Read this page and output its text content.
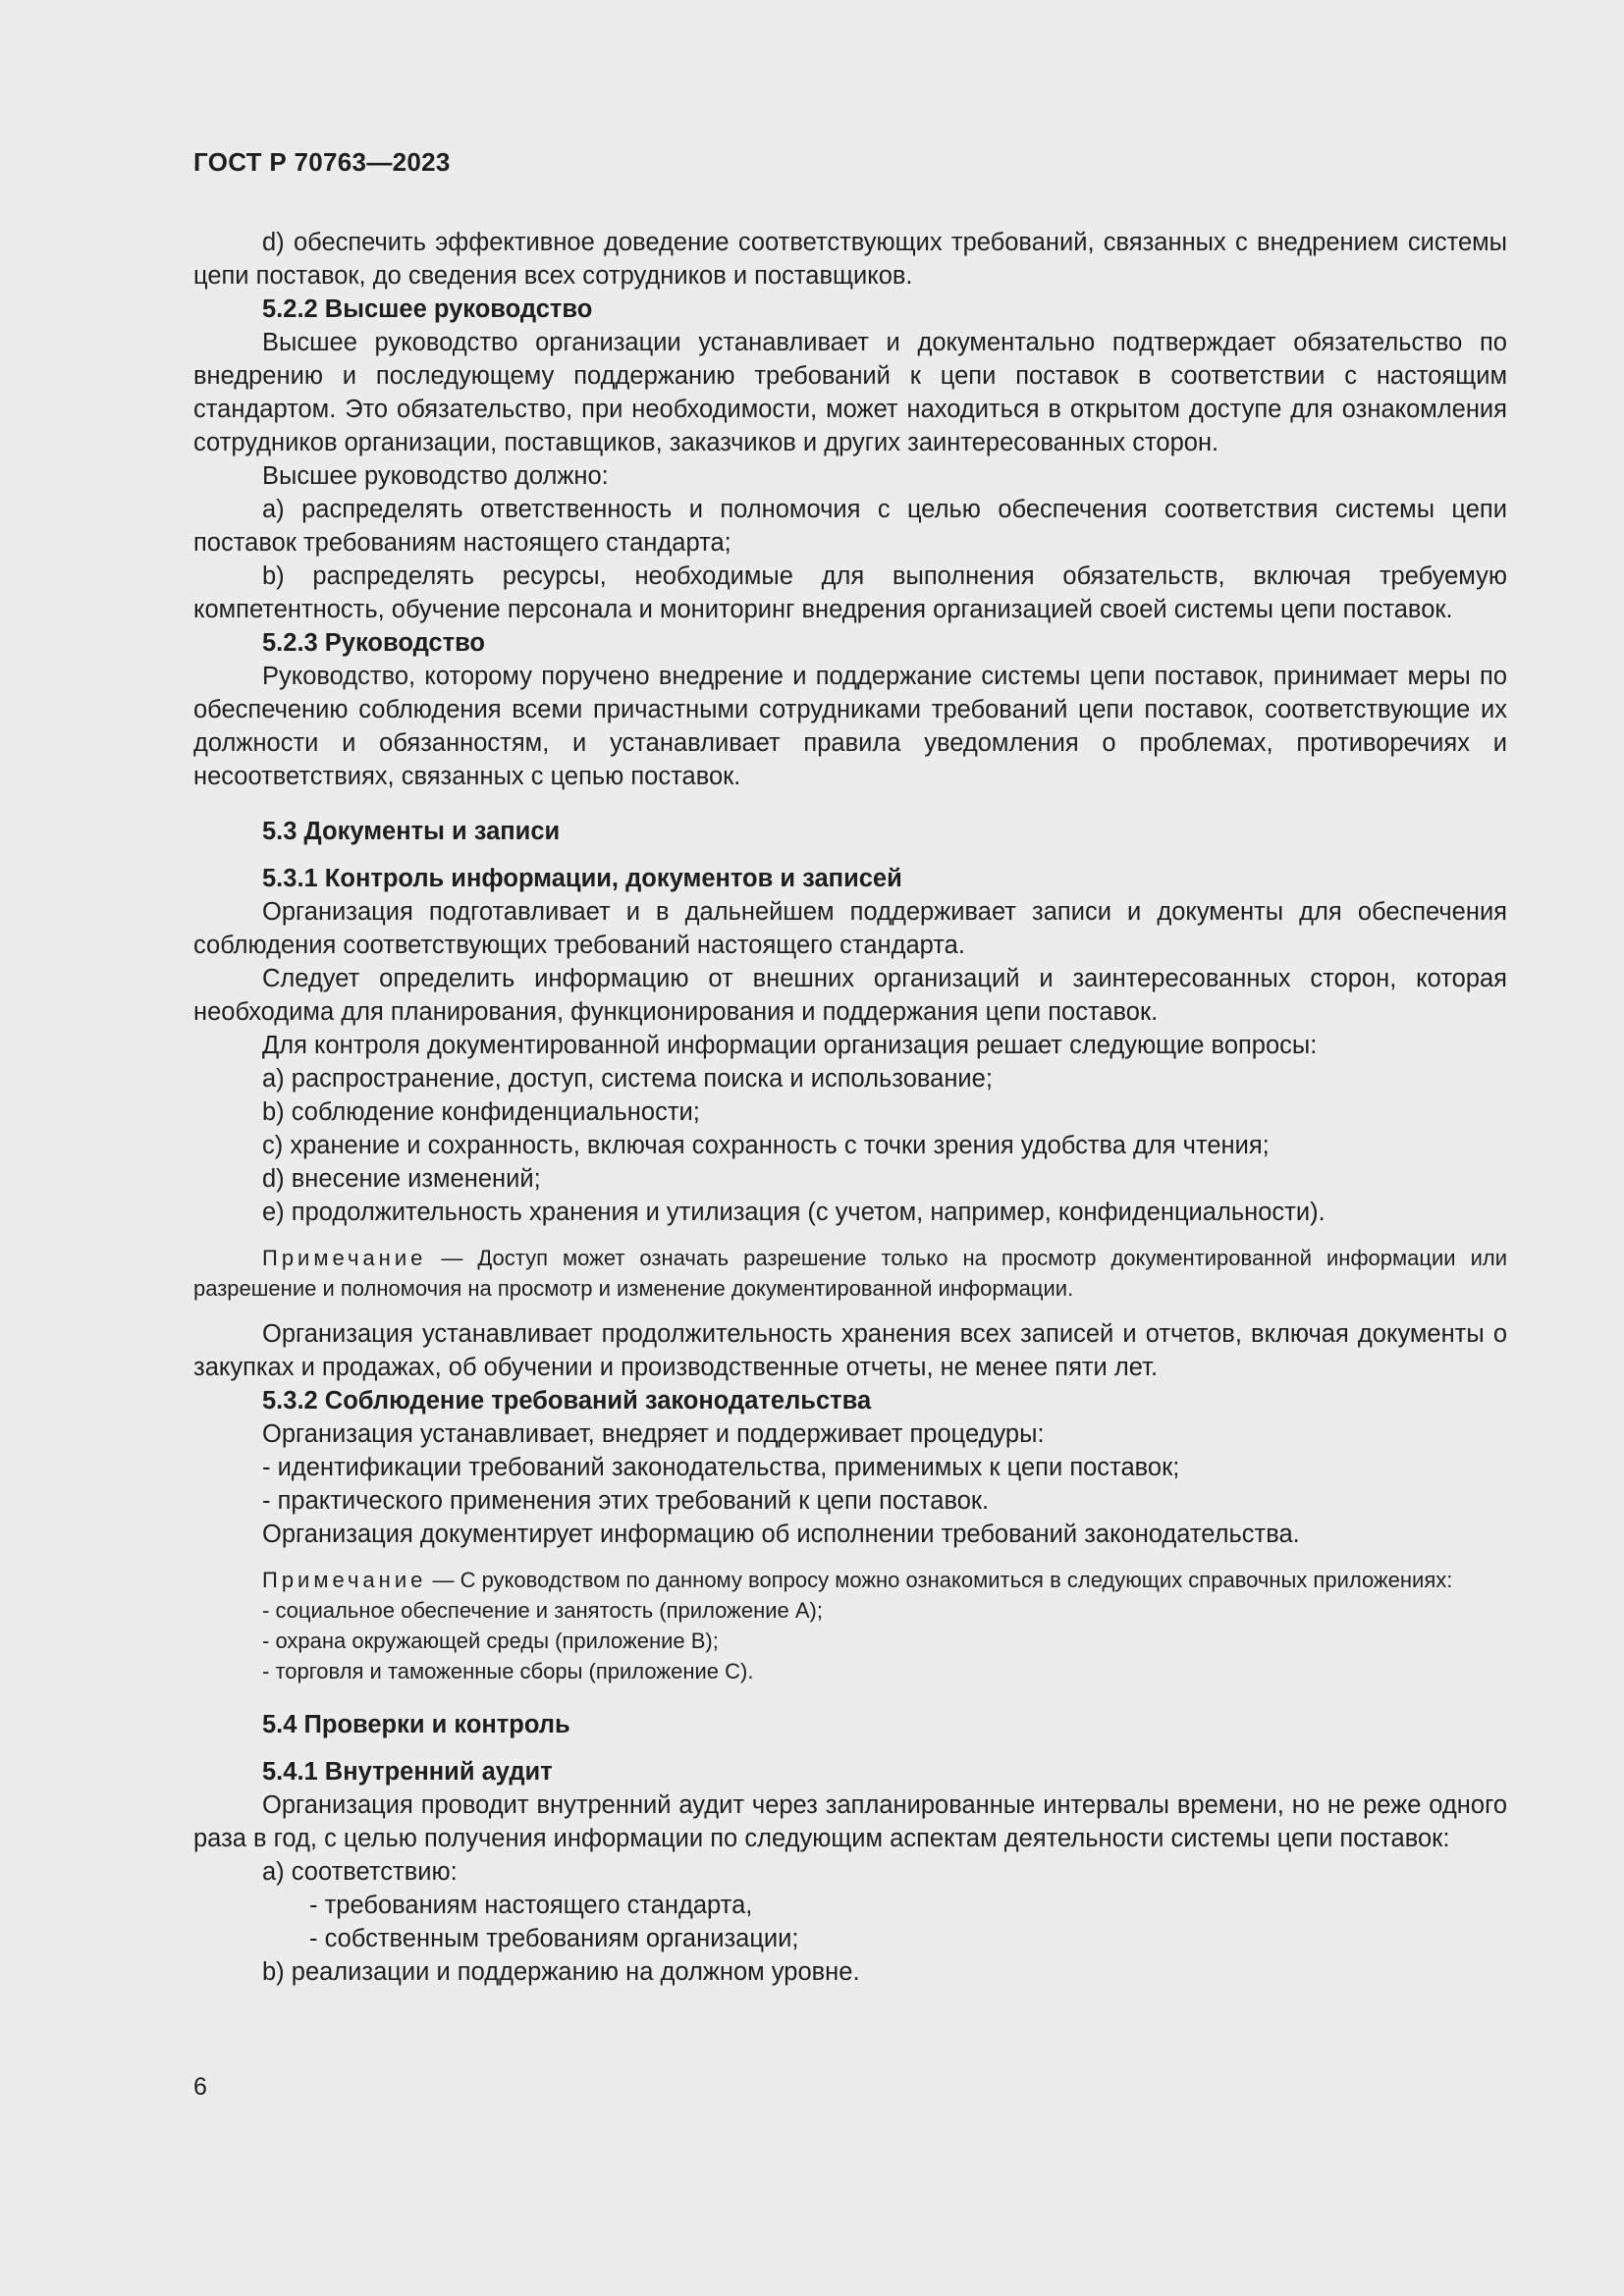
ГОСТ Р 70763—2023
d) обеспечить эффективное доведение соответствующих требований, связанных с внедрением системы цепи поставок, до сведения всех сотрудников и поставщиков.
5.2.2 Высшее руководство
Высшее руководство организации устанавливает и документально подтверждает обязательство по внедрению и последующему поддержанию требований к цепи поставок в соответствии с настоящим стандартом. Это обязательство, при необходимости, может находиться в открытом доступе для ознакомления сотрудников организации, поставщиков, заказчиков и других заинтересованных сторон.
Высшее руководство должно:
a) распределять ответственность и полномочия с целью обеспечения соответствия системы цепи поставок требованиям настоящего стандарта;
b) распределять ресурсы, необходимые для выполнения обязательств, включая требуемую компетентность, обучение персонала и мониторинг внедрения организацией своей системы цепи поставок.
5.2.3 Руководство
Руководство, которому поручено внедрение и поддержание системы цепи поставок, принимает меры по обеспечению соблюдения всеми причастными сотрудниками требований цепи поставок, соответствующие их должности и обязанностям, и устанавливает правила уведомления о проблемах, противоречиях и несоответствиях, связанных с цепью поставок.
5.3 Документы и записи
5.3.1 Контроль информации, документов и записей
Организация подготавливает и в дальнейшем поддерживает записи и документы для обеспечения соблюдения соответствующих требований настоящего стандарта.
Следует определить информацию от внешних организаций и заинтересованных сторон, которая необходима для планирования, функционирования и поддержания цепи поставок.
Для контроля документированной информации организация решает следующие вопросы:
a) распространение, доступ, система поиска и использование;
b) соблюдение конфиденциальности;
c) хранение и сохранность, включая сохранность с точки зрения удобства для чтения;
d) внесение изменений;
e) продолжительность хранения и утилизация (с учетом, например, конфиденциальности).
Примечание — Доступ может означать разрешение только на просмотр документированной информации или разрешение и полномочия на просмотр и изменение документированной информации.
Организация устанавливает продолжительность хранения всех записей и отчетов, включая документы о закупках и продажах, об обучении и производственные отчеты, не менее пяти лет.
5.3.2 Соблюдение требований законодательства
Организация устанавливает, внедряет и поддерживает процедуры:
- идентификации требований законодательства, применимых к цепи поставок;
- практического применения этих требований к цепи поставок.
Организация документирует информацию об исполнении требований законодательства.
Примечание — С руководством по данному вопросу можно ознакомиться в следующих справочных приложениях:
- социальное обеспечение и занятость (приложение А);
- охрана окружающей среды (приложение В);
- торговля и таможенные сборы (приложение С).
5.4 Проверки и контроль
5.4.1 Внутренний аудит
Организация проводит внутренний аудит через запланированные интервалы времени, но не реже одного раза в год, с целью получения информации по следующим аспектам деятельности системы цепи поставок:
a) соответствию:
- требованиям настоящего стандарта,
- собственным требованиям организации;
b) реализации и поддержанию на должном уровне.
6
